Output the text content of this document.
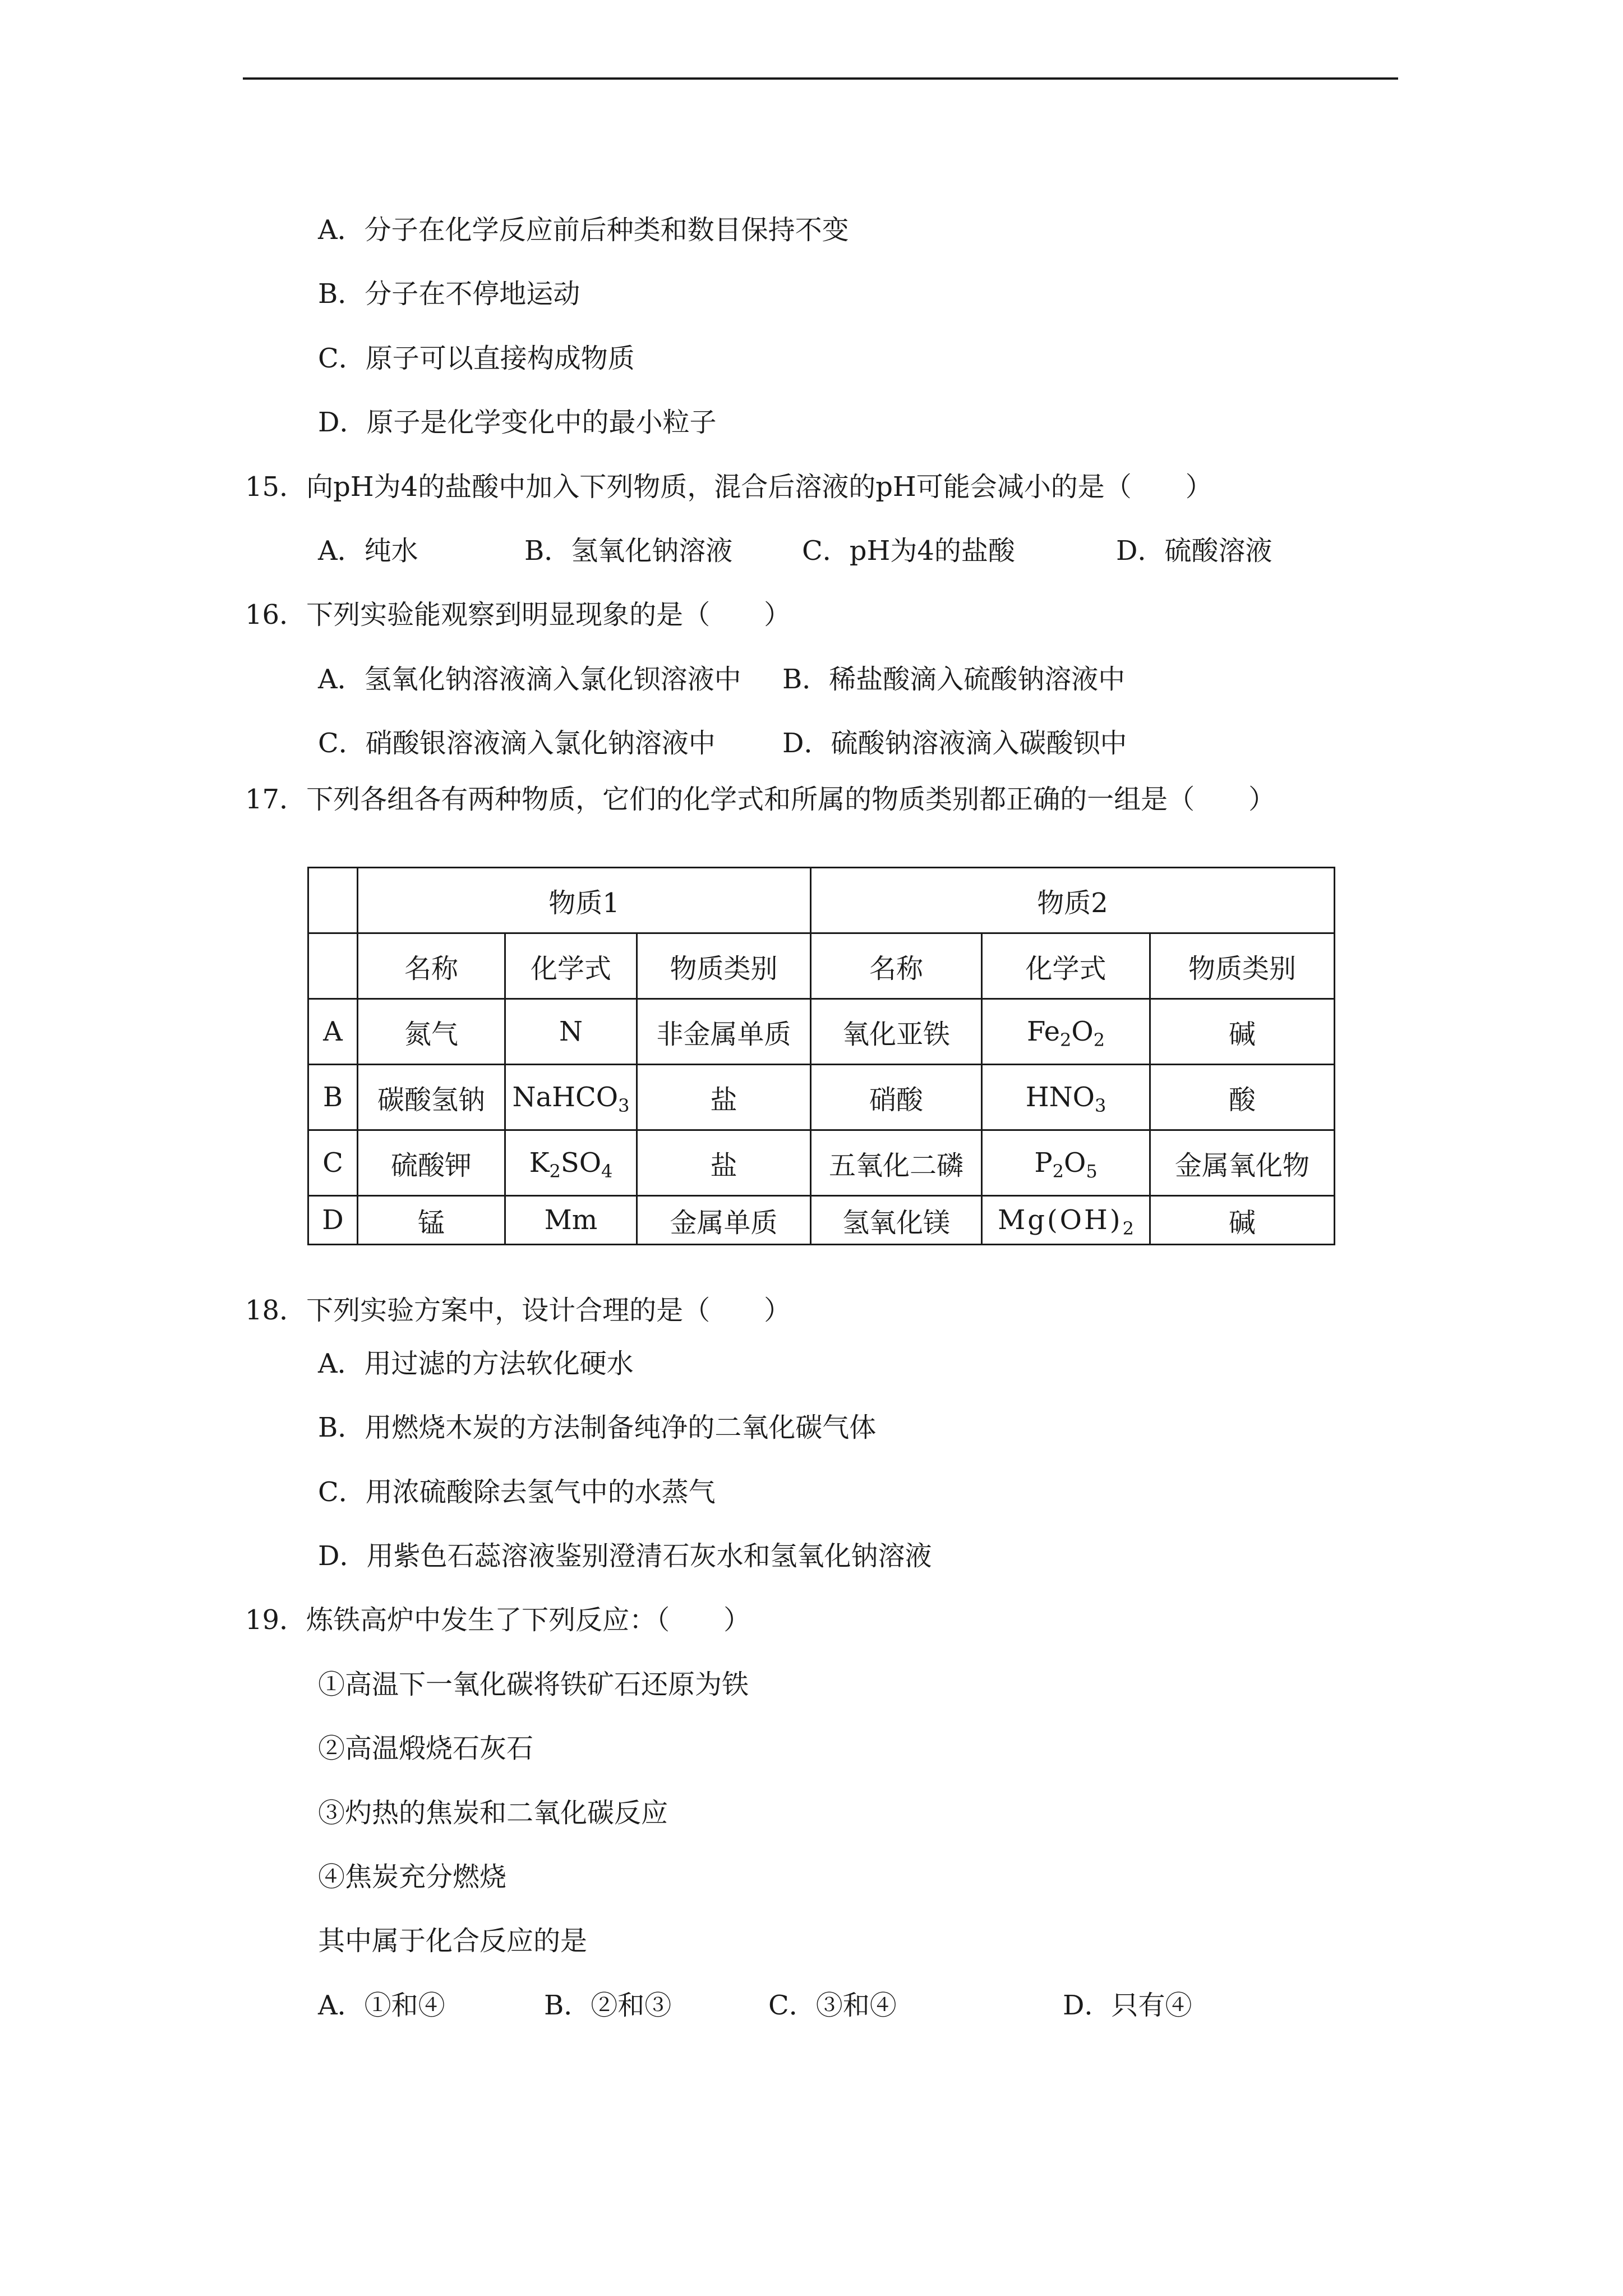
A．分子在化学反应前后种类和数目保持不变
B．分子在不停地运动
C．原子可以直接构成物质
D．原子是化学变化中的最小粒子
15．向pH为4的盐酸中加入下列物质，混合后溶液的pH可能会减小的是（　　）
A．纯水	B．氢氧化钠溶液	C．pH为4的盐酸	D．硫酸溶液
16．下列实验能观察到明显现象的是（　　）
A．氢氧化钠溶液滴入氯化钡溶液中 B．稀盐酸滴入硫酸钠溶液中
C．硝酸银溶液滴入氯化钠溶液中 D．硫酸钠溶液滴入碳酸钡中
17．下列各组各有两种物质，它们的化学式和所属的物质类别都正确的一组是（　　）
	物质1			物质2		
	名称	化学式	物质类别	名称	化学式	物质类别
A	氮气	N	非金属单质	氧化亚铁	$Fe_2O_2$	碱
B	碳酸氢钠	NaHCO$_3$	盐	硝酸	$HNO_3$	酸
C	硫酸钾	$K_2SO_4$	盐	五氧化二磷	$P_2O_5$	金属氧化物
D	锰	Mm	金属单质	氢氧化镁	$Mg(OH)_2$	碱
18．下列实验方案中，设计合理的是（　　）
A．用过滤的方法软化硬水
B．用燃烧木炭的方法制备纯净的二氧化碳气体
C．用浓硫酸除去氢气中的水蒸气
D．用紫色石蕊溶液鉴别澄清石灰水和氢氧化钠溶液
19．炼铁高炉中发生了下列反应：（　　）
①高温下一氧化碳将铁矿石还原为铁
②高温煅烧石灰石
③灼热的焦炭和二氧化碳反应
④焦炭充分燃烧
其中属于化合反应的是
A．①和④	B．②和③	C．③和④	D．只有④
